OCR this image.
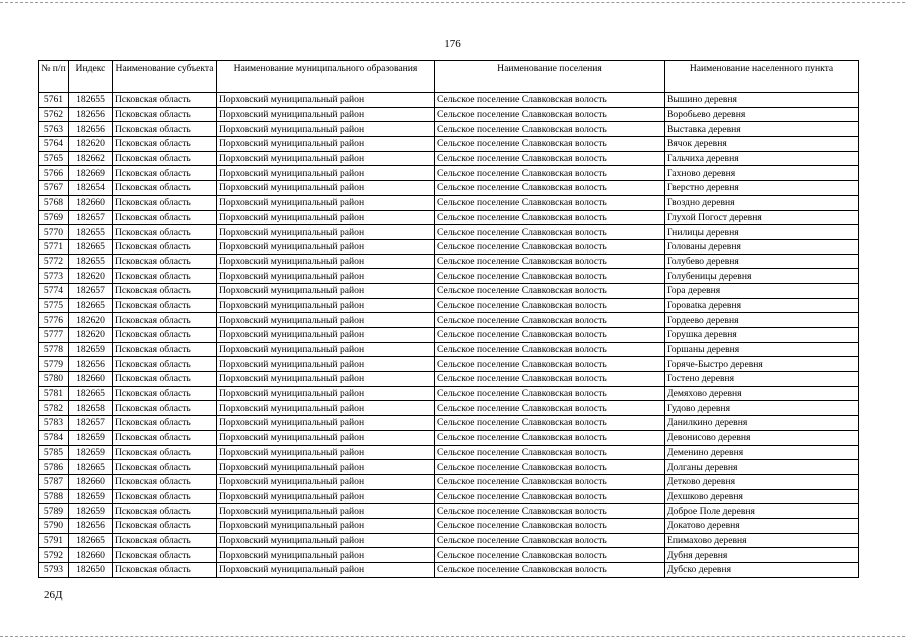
176
№ п/п	Индекс	Наименование субъекта	Наименование муниципального образования	Наименование поселения	Наименование населенного пункта
5761	182655	Псковская область	Порховский муниципальный район	Сельское поселение Славковская волость	Вышино деревня
5762	182656	Псковская область	Порховский муниципальный район	Сельское поселение Славковская волость	Воробьево деревня
5763	182656	Псковская область	Порховский муниципальный район	Сельское поселение Славковская волость	Выставка деревня
5764	182620	Псковская область	Порховский муниципальный район	Сельское поселение Славковская волость	Вячок деревня
5765	182662	Псковская область	Порховский муниципальный район	Сельское поселение Славковская волость	Гальчиха деревня
5766	182669	Псковская область	Порховский муниципальный район	Сельское поселение Славковская волость	Гахново деревня
5767	182654	Псковская область	Порховский муниципальный район	Сельское поселение Славковская волость	Гверстно деревня
5768	182660	Псковская область	Порховский муниципальный район	Сельское поселение Славковская волость	Гвоздно деревня
5769	182657	Псковская область	Порховский муниципальный район	Сельское поселение Славковская волость	Глухой Погост деревня
5770	182655	Псковская область	Порховский муниципальный район	Сельское поселение Славковская волость	Гнилицы деревня
5771	182665	Псковская область	Порховский муниципальный район	Сельское поселение Славковская волость	Голованы деревня
5772	182655	Псковская область	Порховский муниципальный район	Сельское поселение Славковская волость	Голубево деревня
5773	182620	Псковская область	Порховский муниципальный район	Сельское поселение Славковская волость	Голубеницы деревня
5774	182657	Псковская область	Порховский муниципальный район	Сельское поселение Славковская волость	Гора деревня
5775	182665	Псковская область	Порховский муниципальный район	Сельское поселение Славковская волость	Горовatка деревня
5776	182620	Псковская область	Порховский муниципальный район	Сельское поселение Славковская волость	Гордеево деревня
5777	182620	Псковская область	Порховский муниципальный район	Сельское поселение Славковская волость	Горушка деревня
5778	182659	Псковская область	Порховский муниципальный район	Сельское поселение Славковская волость	Горшаны деревня
5779	182656	Псковская область	Порховский муниципальный район	Сельское поселение Славковская волость	Горяче-Быстро деревня
5780	182660	Псковская область	Порховский муниципальный район	Сельское поселение Славковская волость	Гостено деревня
5781	182665	Псковская область	Порховский муниципальный район	Сельское поселение Славковская волость	Демяхово деревня
5782	182658	Псковская область	Порховский муниципальный район	Сельское поселение Славковская волость	Гудово деревня
5783	182657	Псковская область	Порховский муниципальный район	Сельское поселение Славковская волость	Данилкино деревня
5784	182659	Псковская область	Порховский муниципальный район	Сельское поселение Славковская волость	Девонисово деревня
5785	182659	Псковская область	Порховский муниципальный район	Сельское поселение Славковская волость	Деменино деревня
5786	182665	Псковская область	Порховский муниципальный район	Сельское поселение Славковская волость	Долганы деревня
5787	182660	Псковская область	Порховский муниципальный район	Сельское поселение Славковская волость	Детково деревня
5788	182659	Псковская область	Порховский муниципальный район	Сельское поселение Славковская волость	Дехшково деревня
5789	182659	Псковская область	Порховский муниципальный район	Сельское поселение Славковская волость	Доброе Поле деревня
5790	182656	Псковская область	Порховский муниципальный район	Сельское поселение Славковская волость	Докатово деревня
5791	182665	Псковская область	Порховский муниципальный район	Сельское поселение Славковская волость	Епимахово деревня
5792	182660	Псковская область	Порховский муниципальный район	Сельское поселение Славковская волость	Дубня деревня
5793	182650	Псковская область	Порховский муниципальный район	Сельское поселение Славковская волость	Дубско деревня
26Д
